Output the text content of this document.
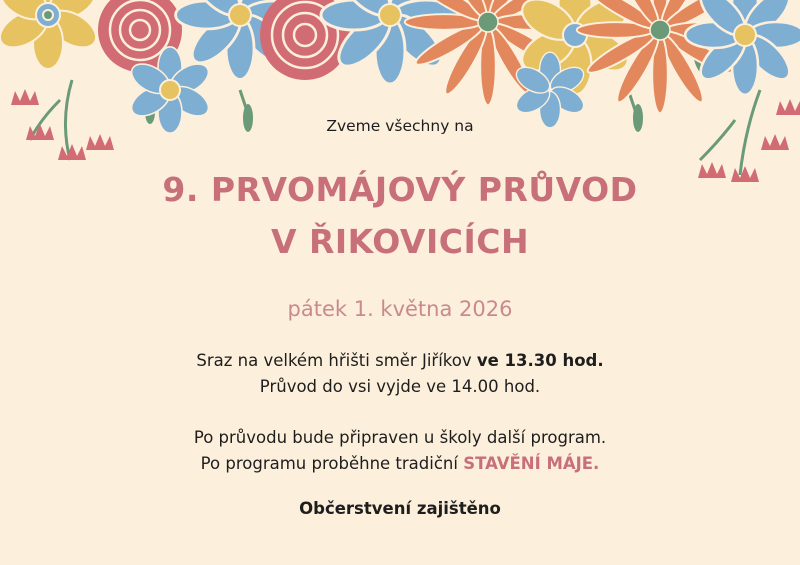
Zveme všechny na
9. PRVOMÁJOVÝ PRŮVOD
V ŘIKOVICÍCH
pátek 1. května 2026
Sraz na velkém hřišti směr Jiříkov ve 13.30 hod.
Průvod do vsi vyjde ve 14.00 hod.
Po průvodu bude připraven u školy další program.
Po programu proběhne tradiční STAVĚNÍ MÁJE.
Občerstvení zajištěno
